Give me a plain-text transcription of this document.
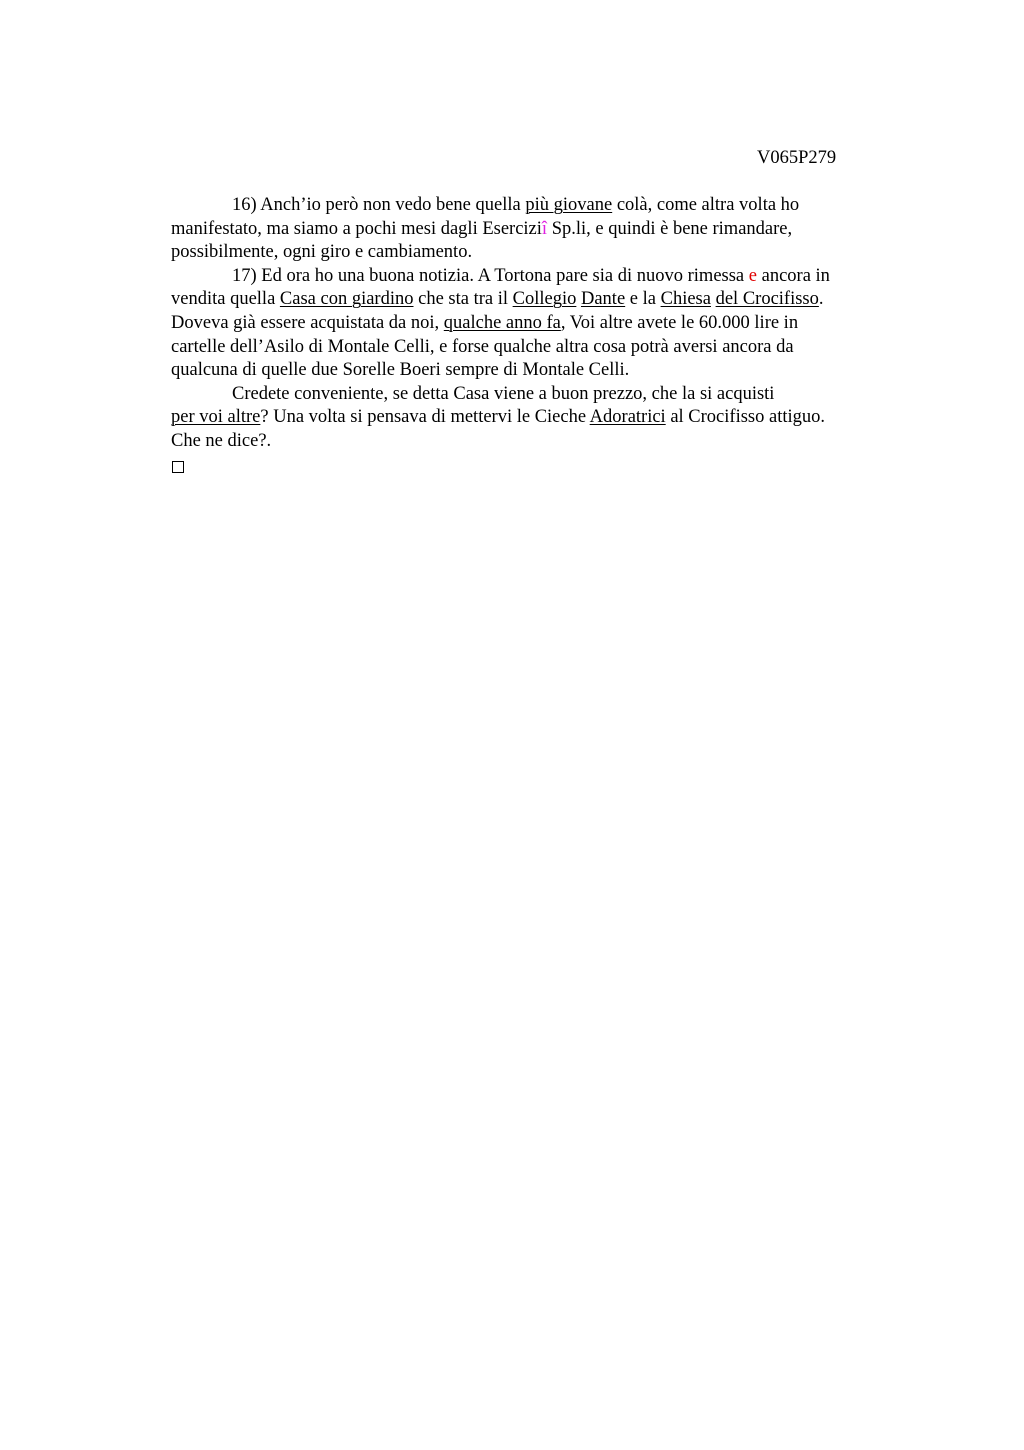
V065P279
16) Anch’io però non vedo bene quella più giovane colà, come altra volta ho
manifestato, ma siamo a pochi mesi dagli Eserciziî Sp.li, e quindi è bene rimandare,
possibilmente, ogni giro e cambiamento.
17) Ed ora ho una buona notizia. A Tortona pare sia di nuovo rimessa e ancora in
vendita quella Casa con giardino che sta tra il Collegio Dante e la Chiesa del Crocifisso.
Doveva già essere acquistata da noi, qualche anno fa, Voi altre avete le 60.000 lire in
cartelle dell’Asilo di Montale Celli, e forse qualche altra cosa potrà aversi ancora da
qualcuna di quelle due Sorelle Boeri sempre di Montale Celli.
Credete conveniente, se detta Casa viene a buon prezzo, che la si acquisti
per voi altre? Una volta si pensava di mettervi le Cieche Adoratrici al Crocifisso attiguo.
Che ne dice?.
